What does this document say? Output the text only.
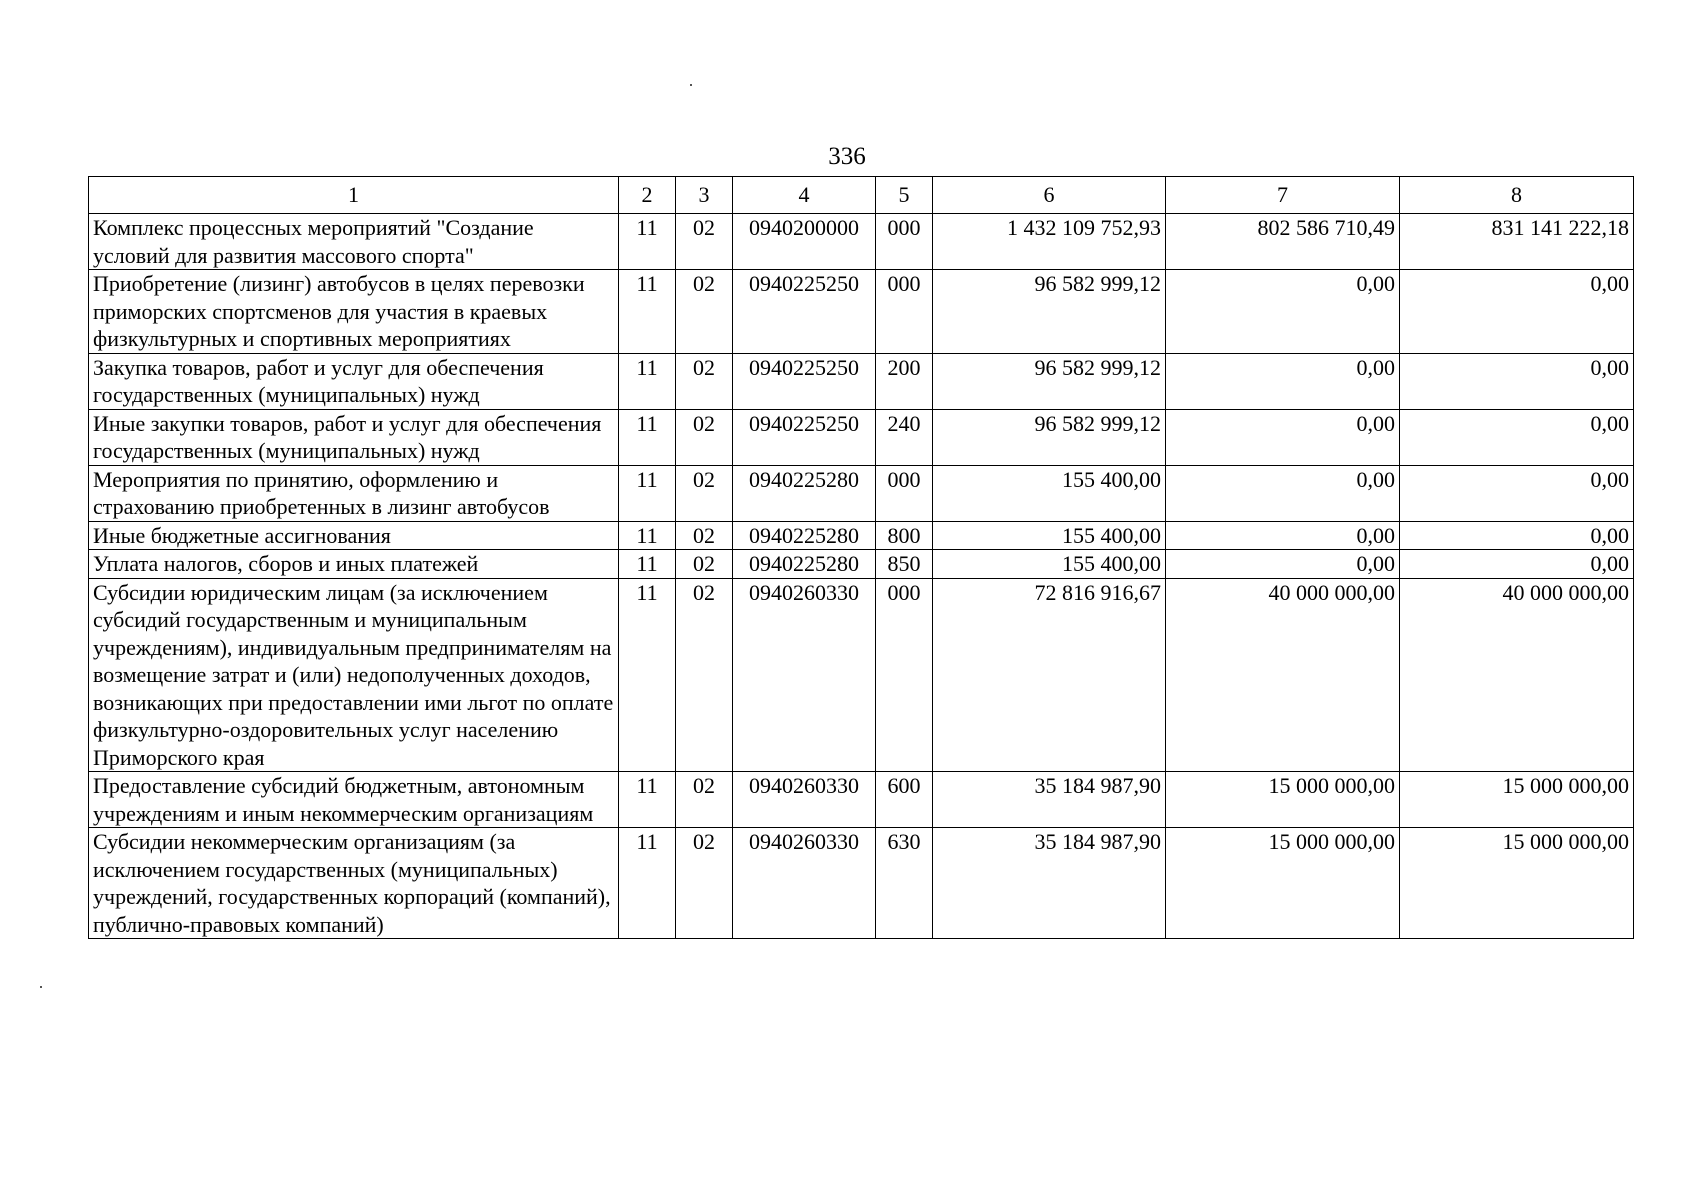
336
1	2	3	4	5	6	7	8
Комплекс процессных мероприятий "Создание условий для развития массового спорта"	11	02	0940200000	000	1 432 109 752,93	802 586 710,49	831 141 222,18
Приобретение (лизинг) автобусов в целях перевозки приморских спортсменов для участия в краевых физкультурных и спортивных мероприятиях	11	02	0940225250	000	96 582 999,12	0,00	0,00
Закупка товаров, работ и услуг для обеспечения государственных (муниципальных) нужд	11	02	0940225250	200	96 582 999,12	0,00	0,00
Иные закупки товаров, работ и услуг для обеспечения государственных (муниципальных) нужд	11	02	0940225250	240	96 582 999,12	0,00	0,00
Мероприятия по принятию, оформлению и страхованию приобретенных в лизинг автобусов	11	02	0940225280	000	155 400,00	0,00	0,00
Иные бюджетные ассигнования	11	02	0940225280	800	155 400,00	0,00	0,00
Уплата налогов, сборов и иных платежей	11	02	0940225280	850	155 400,00	0,00	0,00
Субсидии юридическим лицам (за исключением субсидий государственным и муниципальным учреждениям), индивидуальным предпринимателям на возмещение затрат и (или) недополученных доходов, возникающих при предоставлении ими льгот по оплате физкультурно-оздоровительных услуг населению Приморского края	11	02	0940260330	000	72 816 916,67	40 000 000,00	40 000 000,00
Предоставление субсидий бюджетным, автономным учреждениям и иным некоммерческим организациям	11	02	0940260330	600	35 184 987,90	15 000 000,00	15 000 000,00
Субсидии некоммерческим организациям (за исключением государственных (муниципальных) учреждений, государственных корпораций (компаний), публично-правовых компаний)	11	02	0940260330	630	35 184 987,90	15 000 000,00	15 000 000,00
